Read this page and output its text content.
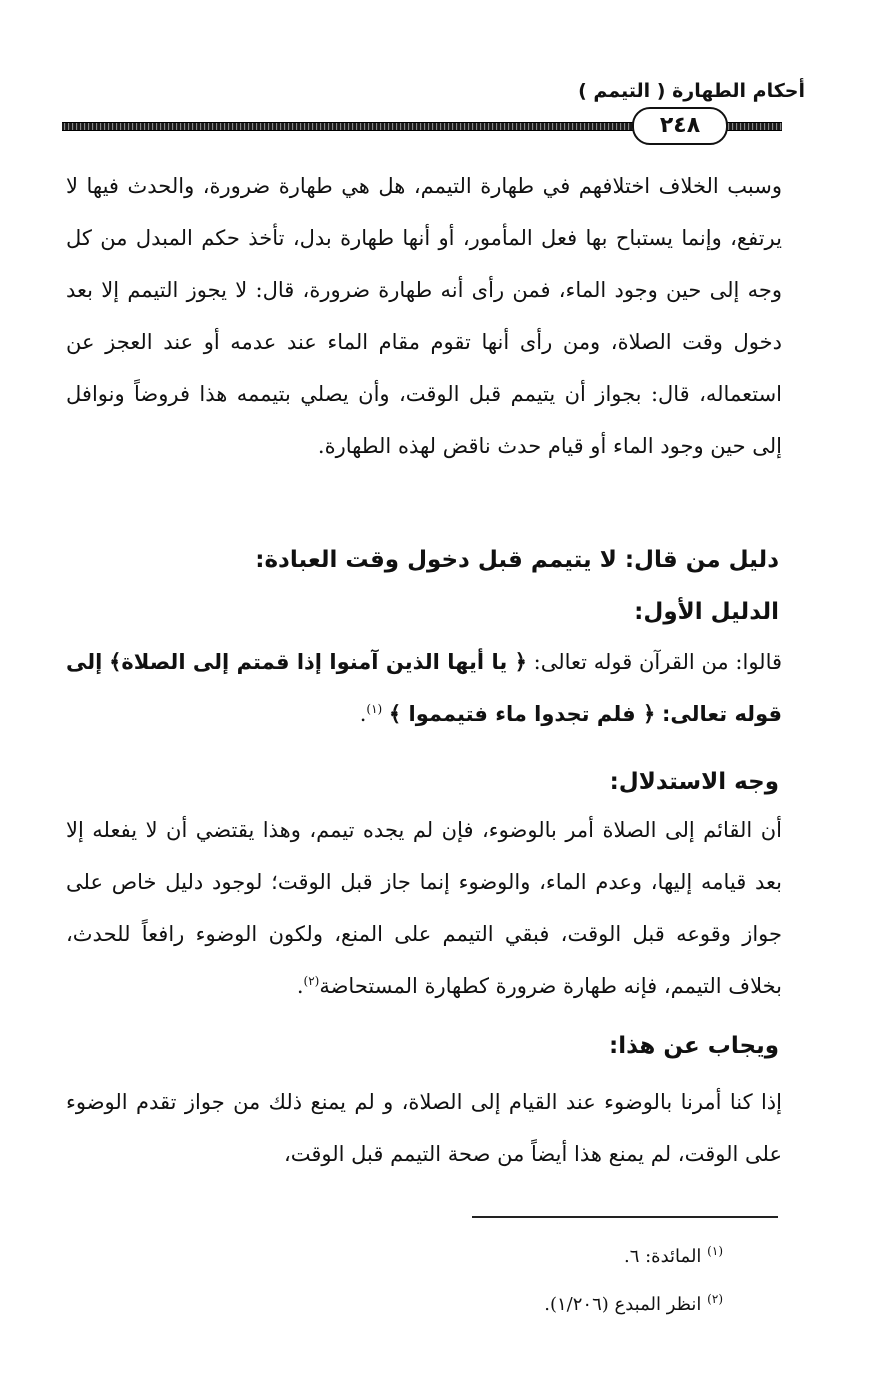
أحكام الطهارة ( التيمم )
٢٤٨

وسبب الخلاف اختلافهم في طهارة التيمم، هل هي طهارة ضرورة، والحدث فيها لا يرتفع، وإنما يستباح بها فعل المأمور، أو أنها طهارة بدل، تأخذ حكم المبدل من كل وجه إلى حين وجود الماء، فمن رأى أنه طهارة ضرورة، قال: لا يجوز التيمم إلا بعد دخول وقت الصلاة، ومن رأى أنها تقوم مقام الماء عند عدمه أو عند العجز عن استعماله، قال: بجواز أن يتيمم قبل الوقت، وأن يصلي بتيممه هذا فروضاً ونوافل إلى حين وجود الماء أو قيام حدث ناقض لهذه الطهارة.

دليل من قال: لا يتيمم قبل دخول وقت العبادة:
الدليل الأول:

قالوا: من القرآن قوله تعالى: ﴿ يا أيها الذين آمنوا إذا قمتم إلى الصلاة﴾ إلى قوله تعالى: ﴿ فلم تجدوا ماء فتيمموا ﴾ $^{(١)}$.

وجه الاستدلال:

أن القائم إلى الصلاة أمر بالوضوء، فإن لم يجده تيمم، وهذا يقتضي أن لا يفعله إلا بعد قيامه إليها، وعدم الماء، والوضوء إنما جاز قبل الوقت؛ لوجود دليل خاص على جواز وقوعه قبل الوقت، فبقي التيمم على المنع، ولكون الوضوء رافعاً للحدث، بخلاف التيمم، فإنه طهارة ضرورة كطهارة المستحاضة$^{(٢)}$.

ويجاب عن هذا:

إذا كنا أمرنا بالوضوء عند القيام إلى الصلاة، و لم يمنع ذلك من جواز تقدم الوضوء على الوقت، لم يمنع هذا أيضاً من صحة التيمم قبل الوقت،

$^{(١)}$ المائدة: ٦.

$^{(٢)}$ انظر المبدع (١/٢٠٦).
